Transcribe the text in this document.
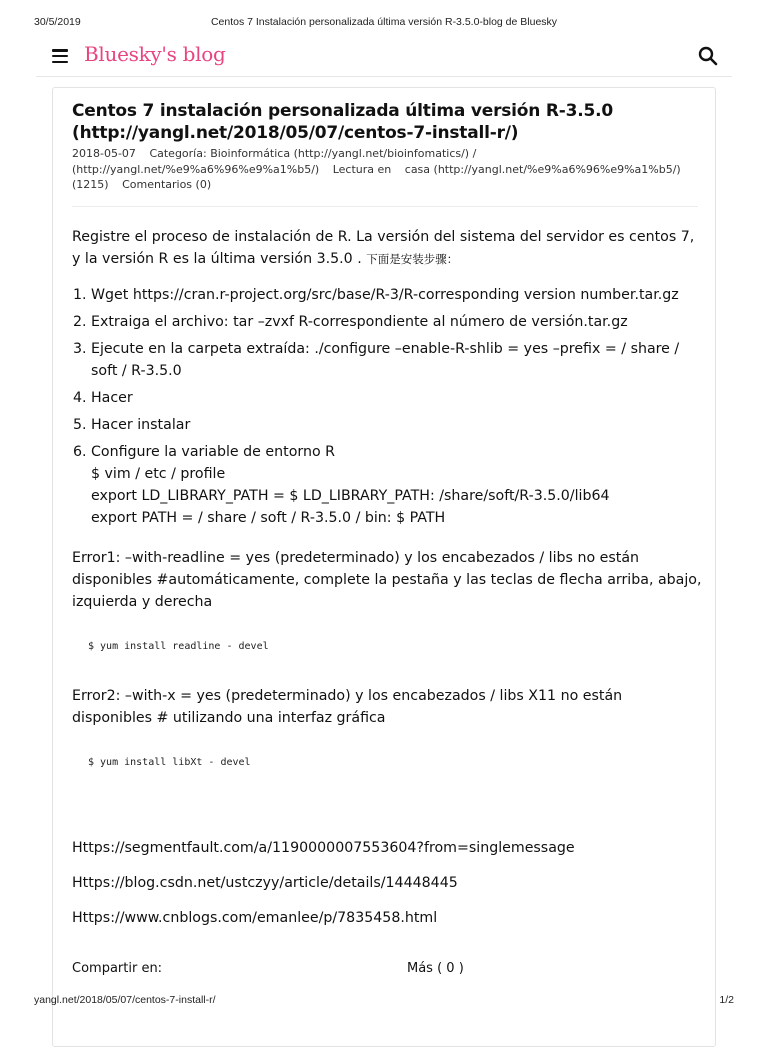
30/5/2019	Centos 7 Instalación personalizada última versión R-3.5.0-blog de Bluesky
Bluesky's blog
Centos 7 instalación personalizada última versión R-3.5.0 (http://yangl.net/2018/05/07/centos-7-install-r/)
2018-05-07 Categoría: Bioinformática (http://yangl.net/bioinfomatics/) /
(http://yangl.net/%e9%a6%96%e9%a1%b5/) Lectura en casa (http://yangl.net/%e9%a6%96%e9%a1%b5/)
(1215) Comentarios (0)

Registre el proceso de instalación de R. La versión del sistema del servidor es centos 7, y la versión R es la última versión 3.5.0 . 下面是安装步骤：

1. Wget https://cran.r-project.org/src/base/R-3/R-corresponding version number.tar.gz
2. Extraiga el archivo: tar –zvxf R-correspondiente al número de versión.tar.gz
3. Ejecute en la carpeta extraída: ./configure –enable-R-shlib = yes –prefix = / share / soft / R-3.5.0
4. Hacer
5. Hacer instalar
6. Configure la variable de entorno R
$ vim / etc / profile
export LD_LIBRARY_PATH = $ LD_LIBRARY_PATH: /share/soft/R-3.5.0/lib64
export PATH = / share / soft / R-3.5.0 / bin: $ PATH

Error1: –with-readline = yes (predeterminado) y los encabezados / libs no están disponibles #automáticamente, complete la pestaña y las teclas de flecha arriba, abajo, izquierda y derecha

$ yum install readline - devel

Error2: –with-x = yes (predeterminado) y los encabezados / libs X11 no están disponibles # utilizando una interfaz gráfica

$ yum install libXt - devel
Https://segmentfault.com/a/1190000007553604?from=singlemessage
Https://blog.csdn.net/ustczyy/article/details/14448445
Https://www.cnblogs.com/emanlee/p/7835458.html
Compartir en:	Más ( 0 )
yangl.net/2018/05/07/centos-7-install-r/	1/2
